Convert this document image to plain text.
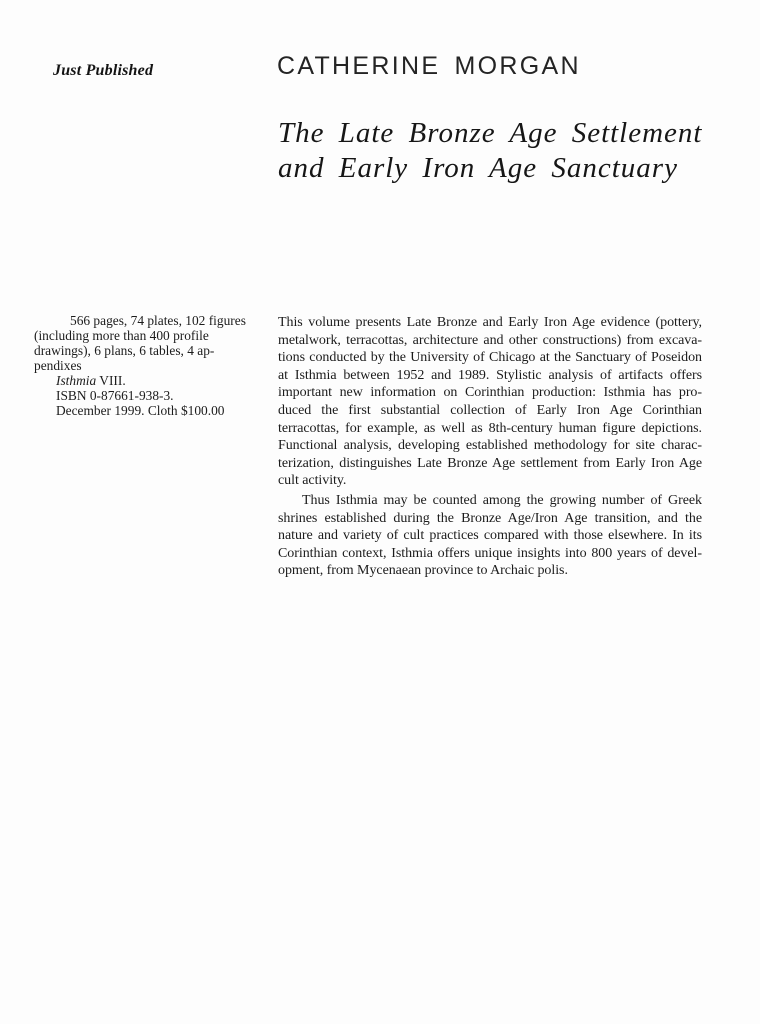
Just Published	CATHERINE MORGAN
The Late Bronze Age Settlement
and Early Iron Age Sanctuary
566 pages, 74 plates, 102 figures
(including more than 400 profile
drawings), 6 plans, 6 tables, 4 ap-
pendixes
Isthmia VIII.
ISBN 0-87661-938-3.
December 1999. Cloth $100.00
This volume presents Late Bronze and Early Iron Age evidence (pottery,
metalwork, terracottas, architecture and other constructions) from excava-
tions conducted by the University of Chicago at the Sanctuary of Poseidon
at Isthmia between 1952 and 1989. Stylistic analysis of artifacts offers
important new information on Corinthian production: Isthmia has pro-
duced the first substantial collection of Early Iron Age Corinthian
terracottas, for example, as well as 8th-century human figure depictions.
Functional analysis, developing established methodology for site charac-
terization, distinguishes Late Bronze Age settlement from Early Iron Age
cult activity.
Thus Isthmia may be counted among the growing number of Greek
shrines established during the Bronze Age/Iron Age transition, and the
nature and variety of cult practices compared with those elsewhere. In its
Corinthian context, Isthmia offers unique insights into 800 years of devel-
opment, from Mycenaean province to Archaic polis.
